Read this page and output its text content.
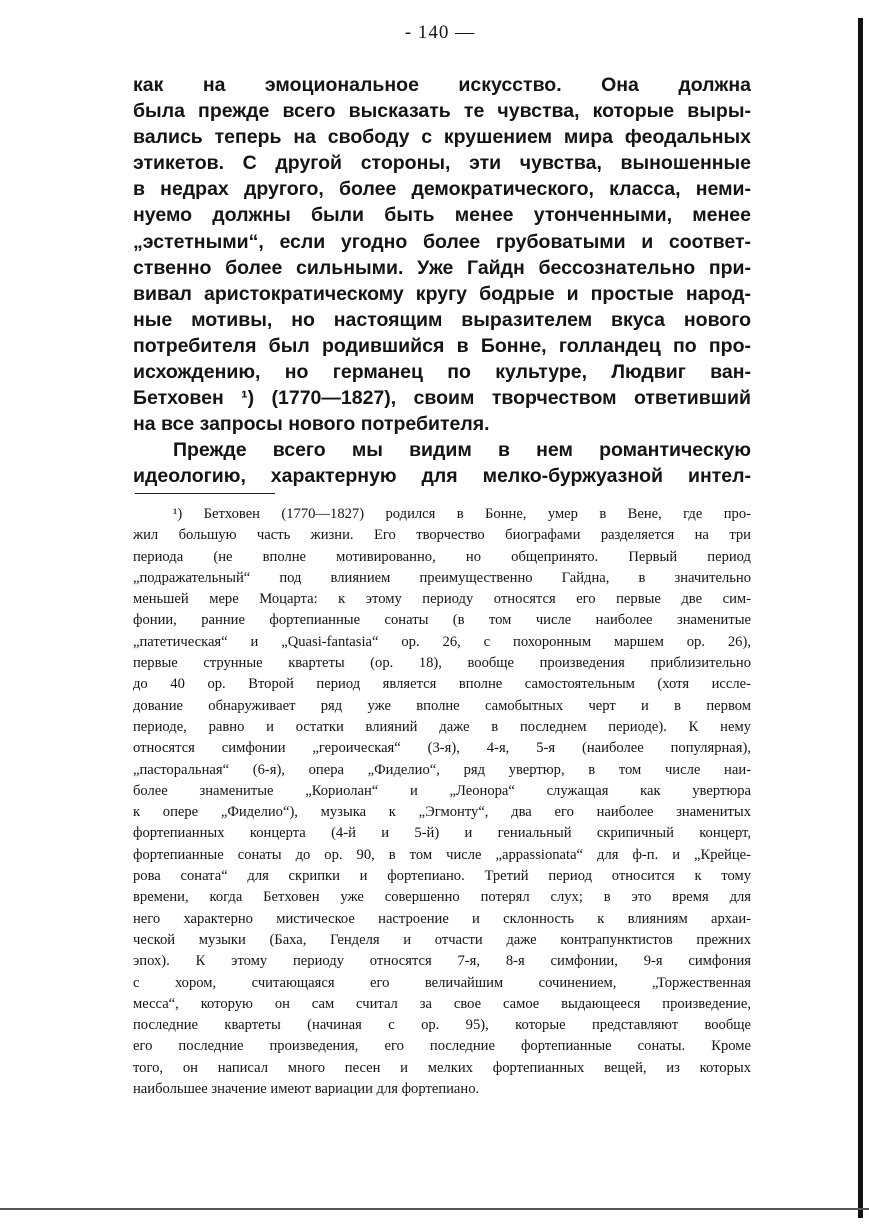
- 140 —
как на эмоциональное искусство. Она должна
была прежде всего высказать те чувства, которые выры-
вались теперь на свободу с крушением мира феодальных
этикетов. С другой стороны, эти чувства, выношенные
в недрах другого, более демократического, класса, неми-
нуемо должны были быть менее утонченными, менее
„эстетными“, если угодно более грубоватыми и соответ-
ственно более сильными. Уже Гайдн бессознательно при-
вивал аристократическому кругу бодрые и простые народ-
ные мотивы, но настоящим выразителем вкуса нового
потребителя был родившийся в Бонне, голландец по про-
исхождению, но германец по культуре, Людвиг ван-
Бетховен ¹) (1770—1827), своим творчеством ответивший
на все запросы нового потребителя.
Прежде всего мы видим в нем романтическую
идеологию, характерную для мелко-буржуазной интел-
¹) Бетховен (1770—1827) родился в Бонне, умер в Вене, где про-
жил большую часть жизни. Его творчество биографами разделяется на три
периода (не вполне мотивированно, но общепринято. Первый период
„подражательный“ под влиянием преимущественно Гайдна, в значительно
меньшей мере Моцарта: к этому периоду относятся его первые две сим-
фонии, ранние фортепианные сонаты (в том числе наиболее знаменитые
„патетическая“ и „Quasi-fantasia“ op. 26, с похоронным маршем op. 26),
первые струнные квартеты (op. 18), вообще произведения приблизительно
до 40 op. Второй период является вполне самостоятельным (хотя иссле-
дование обнаруживает ряд уже вполне самобытных черт и в первом
периоде, равно и остатки влияний даже в последнем периоде). К нему
относятся симфонии „героическая“ (3-я), 4-я, 5-я (наиболее популярная),
„пасторальная“ (6-я), опера „Фиделио“, ряд увертюр, в том числе наи-
более знаменитые „Кориолан“ и „Леонора“ служащая как увертюра
к опере „Фиделио“), музыка к „Эгмонту“, два его наиболее знаменитых
фортепианных концерта (4-й и 5-й) и гениальный скрипичный концерт,
фортепианные сонаты до op. 90, в том числе „appassionata“ для ф-п. и „Крейце-
рова соната“ для скрипки и фортепиано. Третий период относится к тому
времени, когда Бетховен уже совершенно потерял слух; в это время для
него характерно мистическое настроение и склонность к влияниям архаи-
ческой музыки (Баха, Генделя и отчасти даже контрапунктистов прежних
эпох). К этому периоду относятся 7-я, 8-я симфонии, 9-я симфония
с хором, считающаяся его величайшим сочинением, „Торжественная
месса“, которую он сам считал за свое самое выдающееся произведение,
последние квартеты (начиная с op. 95), которые представляют вообще
его последние произведения, его последние фортепианные сонаты. Кроме
того, он написал много песен и мелких фортепианных вещей, из которых
наибольшее значение имеют вариации для фортепиано.
